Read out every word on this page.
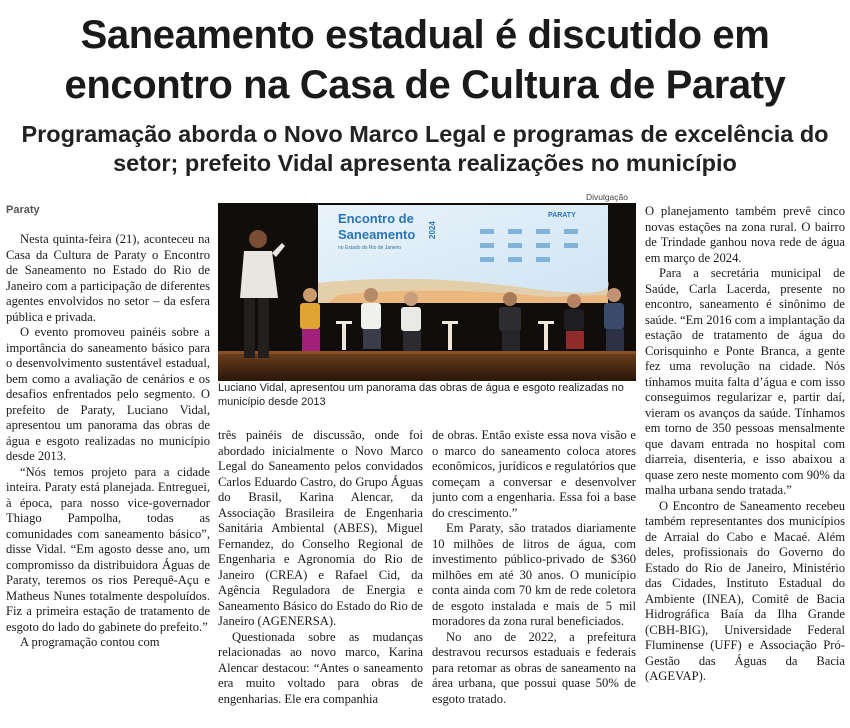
Saneamento estadual é discutido em encontro na Casa de Cultura de Paraty
Programação aborda o Novo Marco Legal e programas de excelência do setor; prefeito Vidal apresenta realizações no município
Paraty
Divulgação

Nesta quinta-feira (21), aconteceu na Casa da Cultura de Paraty o Encontro de Saneamento no Estado do Rio de Janeiro com a participação de diferentes agentes envolvidos no setor – da esfera pública e privada.

O evento promoveu painéis sobre a importância do saneamento básico para o desenvolvimento sustentável estadual, bem como a avaliação de cenários e os desafios enfrentados pelo segmento. O prefeito de Paraty, Luciano Vidal, apresentou um panorama das obras de água e esgoto realizadas no município desde 2013.

“Nós temos projeto para a cidade inteira. Paraty está planejada. Entreguei, à época, para nosso vice-governador Thiago Pampolha, todas as comunidades com saneamento básico”, disse Vidal. “Em agosto desse ano, um compromisso da distribuidora Águas de Paraty, teremos os rios Perequê-Açu e Matheus Nunes totalmente despoluídos. Fiz a primeira estação de tratamento de esgoto do lado do gabinete do prefeito.”

A programação contou com

Encontro de
Saneamento 2024
no Estado do Rio de Janeiro
PARATY
Luciano Vidal, apresentou um panorama das obras de água e esgoto realizadas no município desde 2013

três painéis de discussão, onde foi abordado inicialmente o Novo Marco Legal do Saneamento pelos convidados Carlos Eduardo Castro, do Grupo Águas do Brasil, Karina Alencar, da Associação Brasileira de Engenharia Sanitária Ambiental (ABES), Miguel Fernandez, do Conselho Regional de Engenharia e Agronomia do Rio de Janeiro (CREA) e Rafael Cid, da Agência Reguladora de Energia e Saneamento Básico do Estado do Rio de Janeiro (AGENERSA).

Questionada sobre as mudanças relacionadas ao novo marco, Karina Alencar destacou: “Antes o saneamento era muito voltado para obras de engenharias. Ele era companhia

de obras. Então existe essa nova visão e o marco do saneamento coloca atores econômicos, jurídicos e regulatórios que começam a conversar e desenvolver junto com a engenharia. Essa foi a base do crescimento.”

Em Paraty, são tratados diariamente 10 milhões de litros de água, com investimento público-privado de $360 milhões em até 30 anos. O município conta ainda com 70 km de rede coletora de esgoto instalada e mais de 5 mil moradores da zona rural beneficiados.

No ano de 2022, a prefeitura destravou recursos estaduais e federais para retomar as obras de saneamento na área urbana, que possui quase 50% de esgoto tratado.

O planejamento também prevê cinco novas estações na zona rural. O bairro de Trindade ganhou nova rede de água em março de 2024.

Para a secretária municipal de Saúde, Carla Lacerda, presente no encontro, saneamento é sinônimo de saúde. “Em 2016 com a implantação da estação de tratamento de água do Corisquinho e Ponte Branca, a gente fez uma revolução na cidade. Nós tínhamos muita falta d’água e com isso conseguimos regularizar e, partir daí, vieram os avanços da saúde. Tínhamos em torno de 350 pessoas mensalmente que davam entrada no hospital com diarreia, disenteria, e isso abaixou a quase zero neste momento com 90% da malha urbana sendo tratada.”

O Encontro de Saneamento recebeu também representantes dos municípios de Arraial do Cabo e Macaé. Além deles, profissionais do Governo do Estado do Rio de Janeiro, Ministério das Cidades, Instituto Estadual do Ambiente (INEA), Comitê de Bacia Hidrográfica Baía da Ilha Grande (CBH-BIG), Universidade Federal Fluminense (UFF) e Associação Pró-Gestão das Águas da Bacia (AGEVAP).
